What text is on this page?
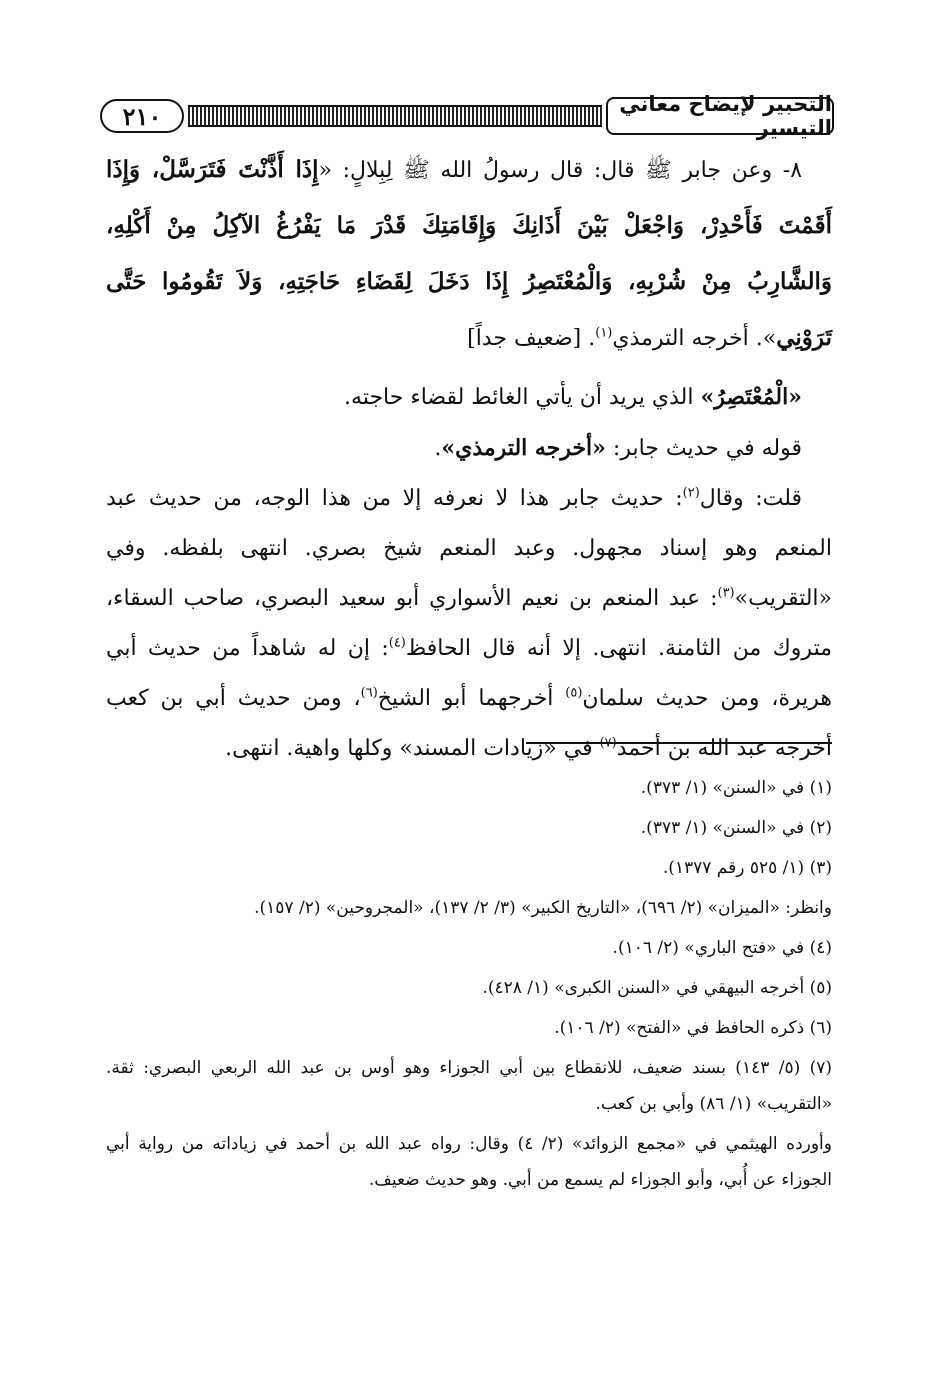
٢١٠	التحبير لإيضاح معاني التيسير

٨- وعن جابر ﷺ قال: قال رسولُ الله ﷺ لِبِلالٍ: «إِذَا أَذَّنْتَ فَتَرَسَّلْ، وَإِذَا أَقَمْتَ فَأَحْدِرْ، وَاجْعَلْ بَيْنَ أَذَانِكَ وَإِقَامَتِكَ قَدْرَ مَا يَفْرُغُ الآكِلُ مِنْ أَكْلِهِ، وَالشَّارِبُ مِنْ شُرْبِهِ، وَالْمُعْتَصِرُ إِذَا دَخَلَ لِقَضَاءِ حَاجَتِهِ، وَلاَ تَقُومُوا حَتَّى تَرَوْنِي». أخرجه الترمذي$^{(١)}$. [ضعيف جداً]

«الْمُعْتَصِرُ» الذي يريد أن يأتي الغائط لقضاء حاجته.

قوله في حديث جابر: «أخرجه الترمذي».

قلت: وقال$^{(٢)}$: حديث جابر هذا لا نعرفه إلا من هذا الوجه، من حديث عبد المنعم وهو إسناد مجهول. وعبد المنعم شيخ بصري. انتهى بلفظه. وفي «التقريب»$^{(٣)}$: عبد المنعم بن نعيم الأسواري أبو سعيد البصري، صاحب السقاء، متروك من الثامنة. انتهى. إلا أنه قال الحافظ$^{(٤)}$: إن له شاهداً من حديث أبي هريرة، ومن حديث سلمان$^{(٥)}$ أخرجهما أبو الشيخ$^{(٦)}$، ومن حديث أبي بن كعب أخرجه عبد الله بن أحمد$^{(٧)}$ في «زيادات المسند» وكلها واهية. انتهى.

(١) في «السنن» (١/ ٣٧٣).

(٢) في «السنن» (١/ ٣٧٣).

(٣) (١/ ٥٢٥ رقم ١٣٧٧).

وانظر: «الميزان» (٢/ ٦٩٦)، «التاريخ الكبير» (٣/ ٢/ ١٣٧)، «المجروحين» (٢/ ١٥٧).

(٤) في «فتح الباري» (٢/ ١٠٦).

(٥) أخرجه البيهقي في «السنن الكبرى» (١/ ٤٢٨).

(٦) ذكره الحافظ في «الفتح» (٢/ ١٠٦).

(٧) (٥/ ١٤٣) بسند ضعيف، للانقطاع بين أبي الجوزاء وهو أوس بن عبد الله الربعي البصري: ثقة. «التقريب» (١/ ٨٦) وأبي بن كعب.

وأورده الهيثمي في «مجمع الزوائد» (٢/ ٤) وقال: رواه عبد الله بن أحمد في زياداته من رواية أبي الجوزاء عن أُبي، وأبو الجوزاء لم يسمع من أبي. وهو حديث ضعيف.
